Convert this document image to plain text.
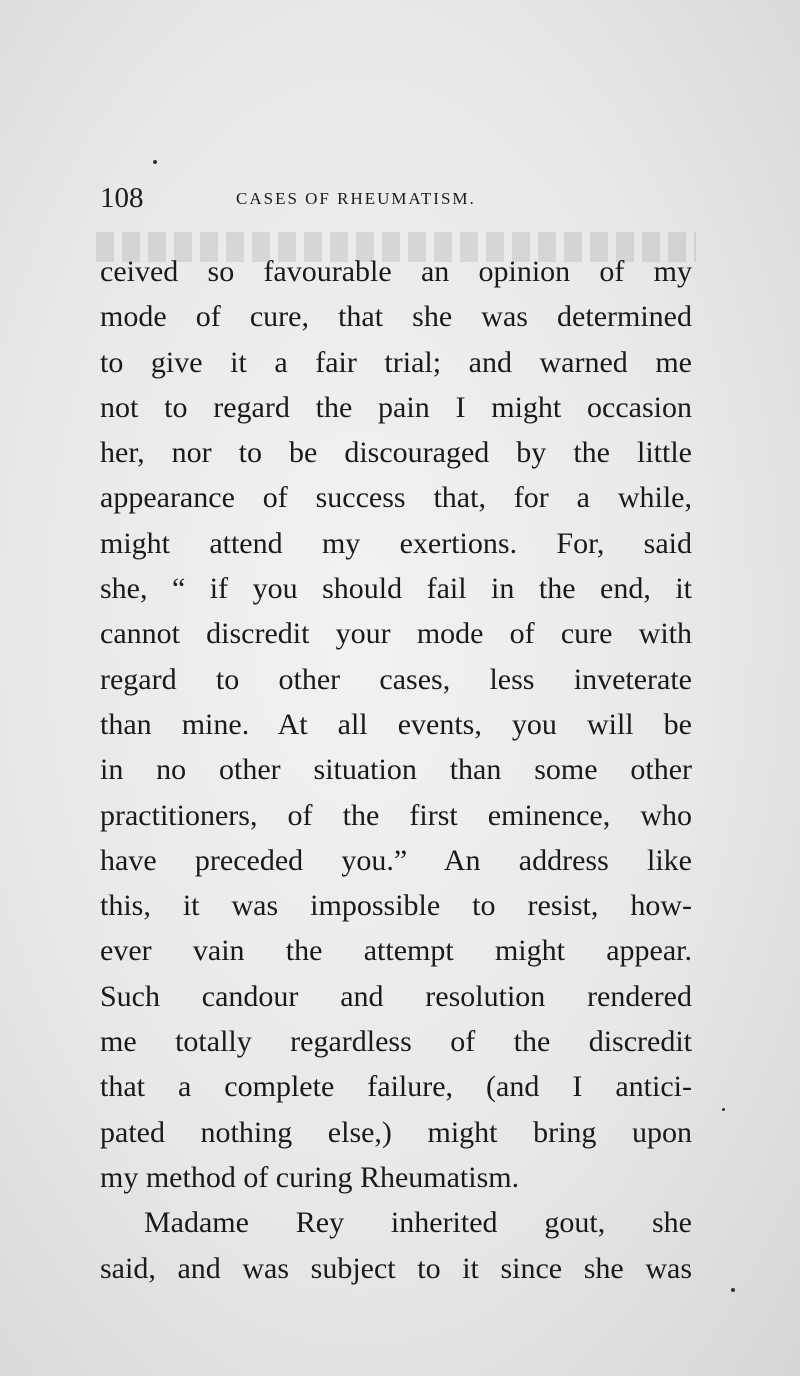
108	CASES OF RHEUMATISM.
ceived so favourable an opinion of my
mode of cure, that she was determined
to give it a fair trial; and warned me
not to regard the pain I might occasion
her, nor to be discouraged by the little
appearance of success that, for a while,
might attend my exertions. For, said
she, “ if you should fail in the end, it
cannot discredit your mode of cure with
regard to other cases, less inveterate
than mine. At all events, you will be
in no other situation than some other
practitioners, of the first eminence, who
have preceded you.” An address like
this, it was impossible to resist, how-
ever vain the attempt might appear.
Such candour and resolution rendered
me totally regardless of the discredit
that a complete failure, (and I antici-
pated nothing else,) might bring upon
my method of curing Rheumatism.
Madame Rey inherited gout, she
said, and was subject to it since she was
